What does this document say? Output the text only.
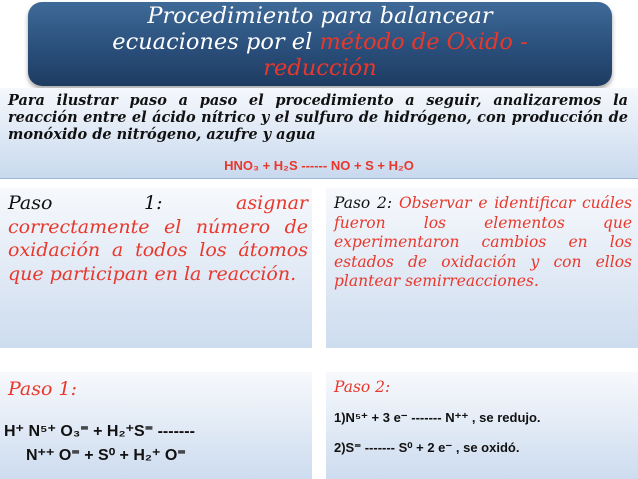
Procedimiento para balancear
ecuaciones por el método de Oxido -
reducción
Para ilustrar paso a paso el procedimiento a seguir, analizaremos la reacción entre el ácido nítrico y el sulfuro de hidrógeno, con producción de monóxido de nitrógeno, azufre y agua
HNO₃ + H₂S ------ NO + S + H₂O
Paso	1:	asignar correctamente el número de oxidación a todos los átomos que participan en la reacción.
Paso 2: Observar e identificar cuáles fueron los elementos que experimentaron cambios en los estados de oxidación y con ellos plantear semirreacciones.
Paso 1:
H⁺ N⁵⁺ O₃⁼ + H₂⁺S⁼ -------
N⁺⁺ O⁼ + S⁰ + H₂⁺ O⁼
Paso 2:
1)N⁵⁺ + 3 e⁻ ------- N⁺⁺ , se redujo.
2)S⁼ ------- S⁰ + 2 e⁻ , se oxidó.
